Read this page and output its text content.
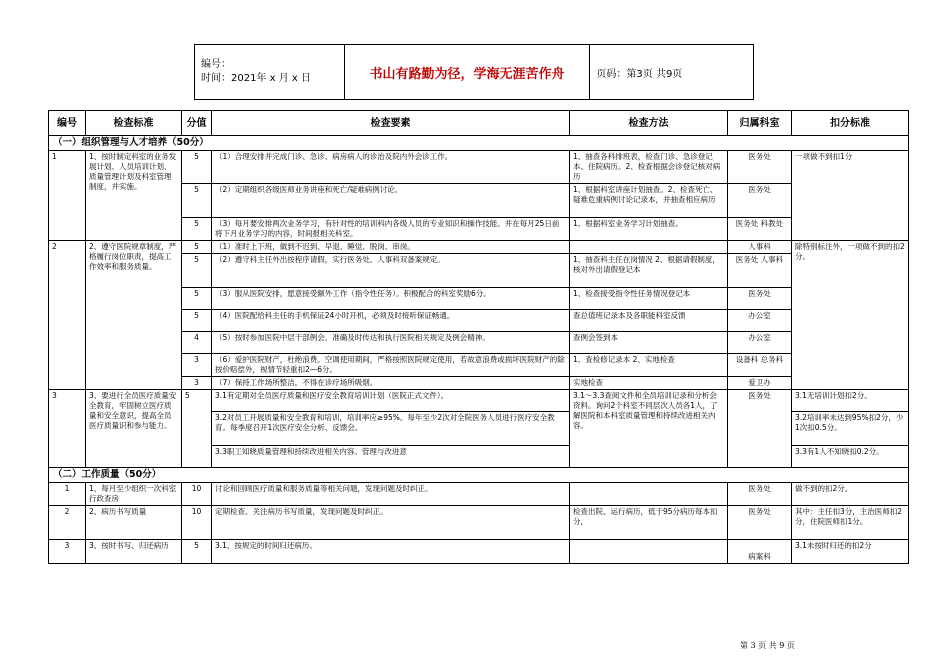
编号：
时间：2021年 x 月 x 日	书山有路勤为径，学海无涯苦作舟	页码：第3页 共9页
编号	检查标准	分值	检查要素	检查方法	归属科室	扣分标准
（一）组织管理与人才培养（50分）						
1	1、按时制定科室的业务发展计划、人员培训计划、质量管理计划及科室管理制度，并实施。	5	（1）合理安排并完成门诊、急诊、病房病人的诊治及院内外会诊工作。	1、抽查各科排班表，检查门诊、急诊登记本、住院病历。2、检查根据会诊登记核对病历	医务处	一项做不到扣1分
		5	（2）定期组织各级医师业务讲座和死亡/疑难病例讨论。	1、根据科室讲座计划抽查。2、检查死亡、疑难危重病例讨论记录本，并抽查相应病历	医务处	
		5	（3）每月要安排两次业务学习，有针对性的培训科内各级人员的专业知识和操作技能。并在每月25日前将下月业务学习的内容，时间报相关科室。	1、根据科室业务学习计划抽查。	医务处 科教处	
2	2、遵守医院规章制度，严格履行岗位职责，提高工作效率和服务质量。	5	（1）准时上下班，做到不迟到、早退、睡觉、脱岗、串岗。		人事科	除特别标注外，一项做不到的扣2分。
		5	（2）遵守科主任外出按程序请假，实行医务处、人事科双备案规定。	1、抽查科主任在岗情况 2、根据请假制度，核对外出请假登记本	医务处 人事科	
		5	（3）服从医院安排，愿意接受额外工作（指令性任务）。积极配合的科室奖励6分。	1、检查接受指令性任务情况登记本	医务处	
		5	（4）医院配给科主任的手机保证24小时开机，必须及时接听保证畅通。	查总值班记录本及各职能科室反馈	办公室	
		4	（5）按时参加医院中层干部例会，准确及时传达和执行医院相关规定及例会精神。	查例会签到本	办公室	
		3	（6）爱护医院财产，杜绝浪费。空调使用期间，严格按照医院规定使用，若故意浪费或损坏医院财产的除按价赔偿外，视情节轻重扣2—6分。	1、查检修记录本 2、实地检查	设备科 总务科	
		3	（7）保持工作场所整洁，不得在诊疗场所吸烟。	实地检查	爱卫办	
3	3、要进行全员医疗质量安全教育，牢固树立医疗质量和安全意识，提高全员医疗质量识和参与能力。	5	3.1有定期对全员医疗质量和医疗安全教育培训计划（医院正式文件）。	3.1～3.3查阅文件和全员培训记录和分析会资料。询问2个科室不同层次人员各1人，了解医院和本科室质量管理和持续改进相关内容。	医务处	3.1无培训计划扣2分。
			3.2对员工开展质量和安全教育和培训，培训率应≥95%。每年至少2次对全院医务人员进行医疗安全教育。每季度召开1次医疗安全分析、反馈会。			3.2培训率未达到95%扣2分，少1次扣0.5分。
			3.3职工知晓质量管理和持续改进相关内容。管理与改进意			3.3有1人不知晓扣0.2分。
（二）工作质量（50分）						
1	1、每月至少组织一次科室行政查房	10	讨论和回顾医疗质量和服务质量等相关问题，发现问题及时纠正。		医务处	做不到的扣2分。
2	2、病历书写质量	10	定期检查、关注病历书写质量，发现问题及时纠正。	检查出院、运行病历，低于95分病历每本扣分，	医务处	其中：主任扣3分，主治医师扣2分，住院医师扣1分。
3	3、按时书写、归还病历	5	3.1、按规定的时间归还病历。		病案科	3.1未按时归还的扣2分
第 3 页 共 9 页
